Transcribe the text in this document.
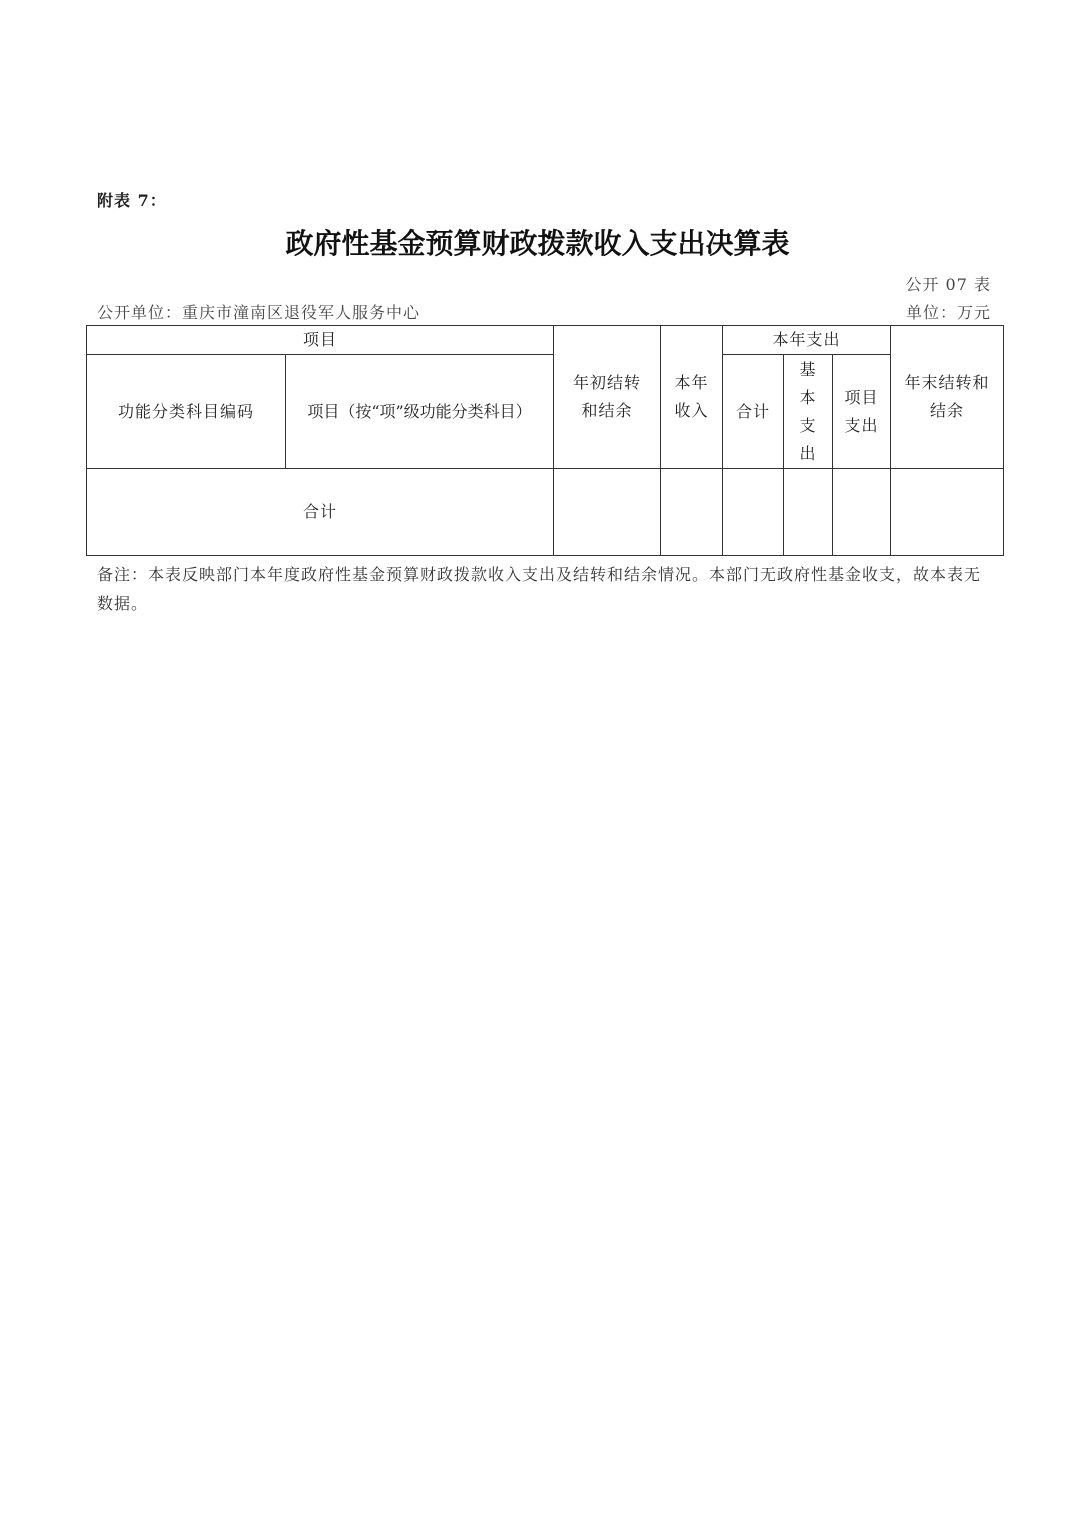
附表 7：
政府性基金预算财政拨款收入支出决算表
公开 07 表
公开单位：重庆市潼南区退役军人服务中心	单位：万元
项目		年初结转和结余	本年收入	本年支出			年末结转和结余

功能分类科目编码	项目（按“项”级功能分类科目）			合计	基本支出	项目支出	

合计							
备注：本表反映部门本年度政府性基金预算财政拨款收入支出及结转和结余情况。本部门无政府性基金收支，故本表无数据。
